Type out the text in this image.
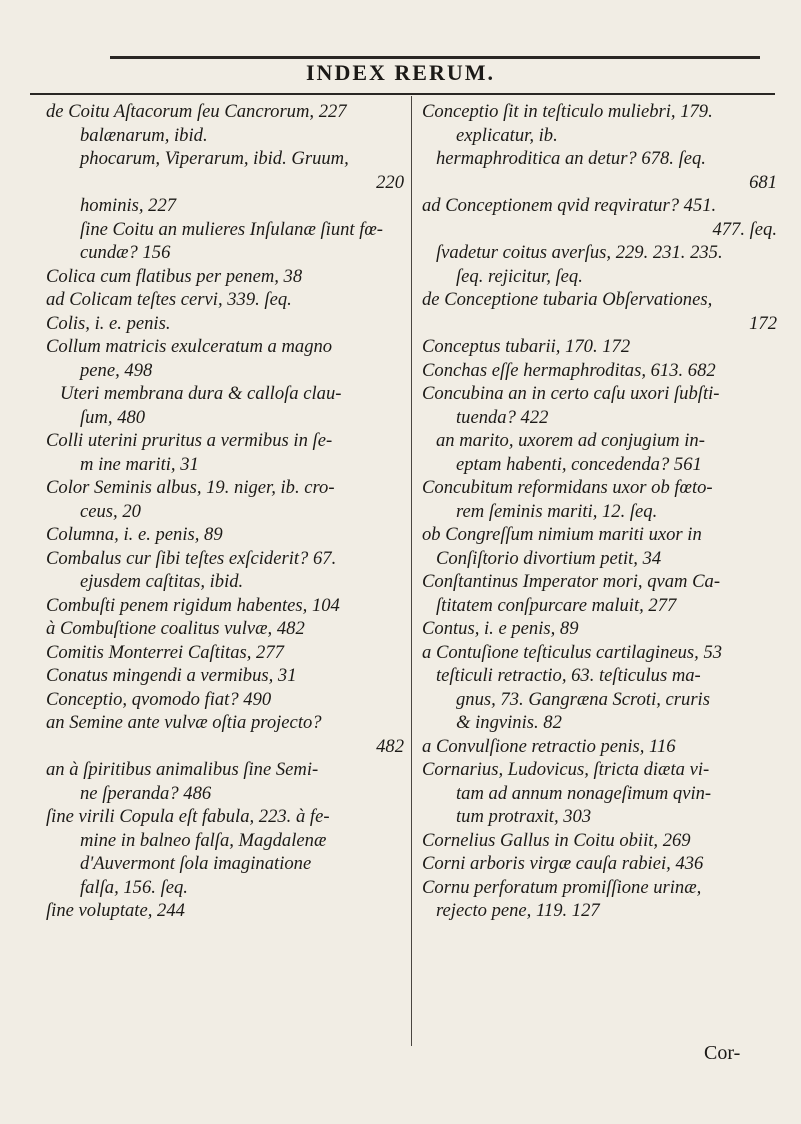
INDEX RERUM.
de Coitu Aſtacorum ſeu Cancrorum, 227
balænarum, ibid.
phocarum, Viperarum, ibid. Gruum,
220
hominis, 227
ſine Coitu an mulieres Inſulanæ ſiunt fœ-
cundæ? 156
Colica cum flatibus per penem, 38
ad Colicam teſtes cervi, 339. ſeq.
Colis, i. e. penis.
Collum matricis exulceratum a magno
pene, 498
Uteri membrana dura & calloſa clau-
ſum, 480
Colli uterini pruritus a vermibus in ſe-
m ine mariti, 31
Color Seminis albus, 19. niger, ib. cro-
ceus, 20
Columna, i. e. penis, 89
Combalus cur ſibi teſtes exſciderit? 67.
ejusdem caſtitas, ibid.
Combuſti penem rigidum habentes, 104
à Combuſtione coalitus vulvæ, 482
Comitis Monterrei Caſtitas, 277
Conatus mingendi a vermibus, 31
Conceptio, qvomodo fiat? 490
an Semine ante vulvæ oſtia projecto?
482
an à ſpiritibus animalibus ſine Semi-
ne ſperanda? 486
ſine virili Copula eſt fabula, 223. à fe-
mine in balneo falſa, Magdalenæ
d'Auvermont ſola imaginatione
falſa, 156. ſeq.
ſine voluptate, 244
Conceptio ſit in teſticulo muliebri, 179.
explicatur, ib.
hermaphroditica an detur? 678. ſeq.
681
ad Conceptionem qvid reqviratur? 451.
477. ſeq.
ſvadetur coitus averſus, 229. 231. 235.
ſeq. rejicitur, ſeq.
de Conceptione tubaria Obſervationes,
172
Conceptus tubarii, 170. 172
Conchas eſſe hermaphroditas, 613. 682
Concubina an in certo caſu uxori ſubſti-
tuenda? 422
an marito, uxorem ad conjugium in-
eptam habenti, concedenda? 561
Concubitum reformidans uxor ob fœto-
rem ſeminis mariti, 12. ſeq.
ob Congreſſum nimium mariti uxor in
Conſiſtorio divortium petit, 34
Conſtantinus Imperator mori, qvam Ca-
ſtitatem conſpurcare maluit, 277
Contus, i. e penis, 89
a Contuſione teſticulus cartilagineus, 53
teſticuli retractio, 63. teſticulus ma-
gnus, 73. Gangræna Scroti, cruris
& ingvinis. 82
a Convulſione retractio penis, 116
Cornarius, Ludovicus, ſtricta diæta vi-
tam ad annum nonageſimum qvin-
tum protraxit, 303
Cornelius Gallus in Coitu obiit, 269
Corni arboris virgæ cauſa rabiei, 436
Cornu perforatum promiſſione urinæ,
rejecto pene, 119. 127
Cor-
